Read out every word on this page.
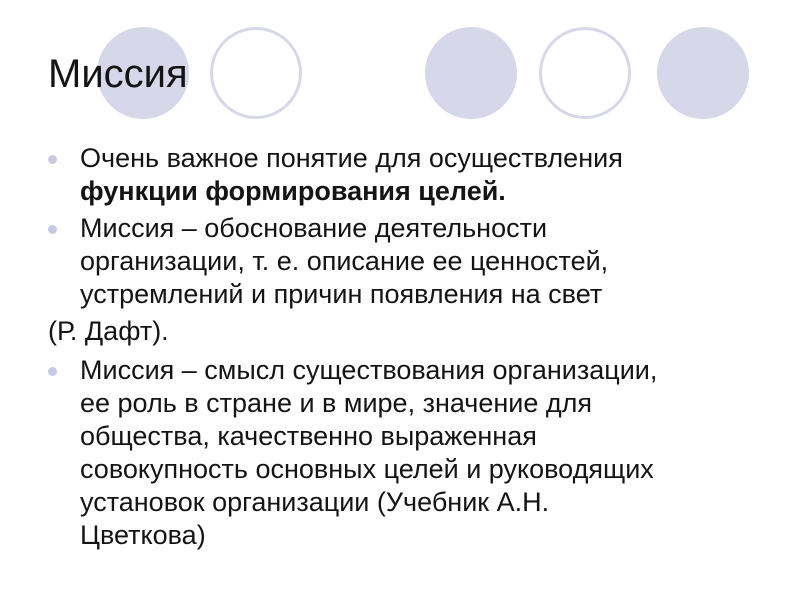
Миссия
Очень важное понятие для осуществления
функции формирования целей.
Миссия – обоснование деятельности
организации, т. е. описание ее ценностей,
устремлений и причин появления на свет
(Р. Дафт).
Миссия – смысл существования организации,
ее роль в стране и в мире, значение для
общества, качественно выраженная
совокупность основных целей и руководящих
установок организации (Учебник А.Н.
Цветкова)
